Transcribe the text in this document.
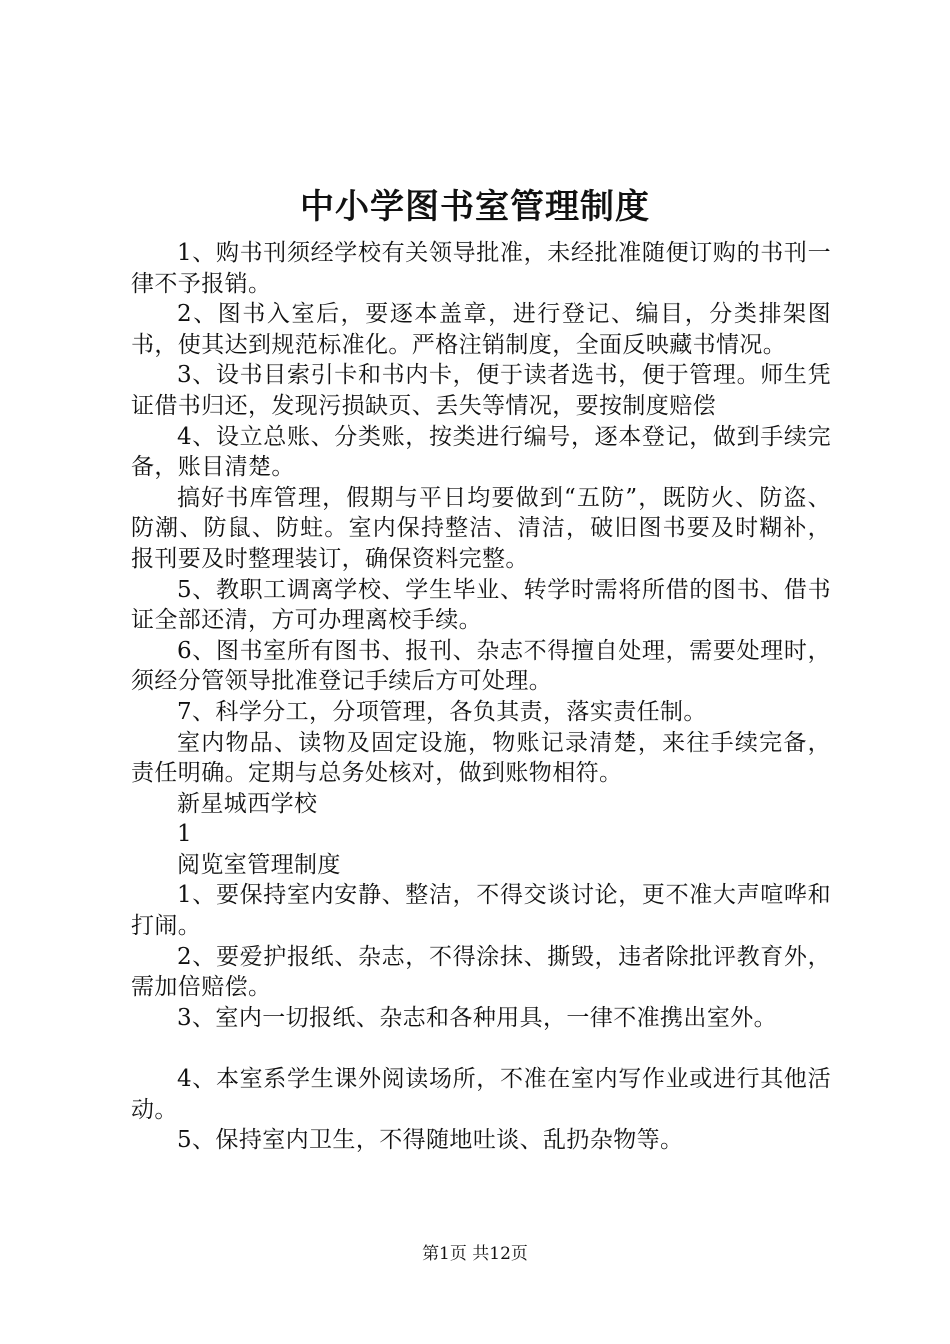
中小学图书室管理制度

1、购书刊须经学校有关领导批准，未经批准随便订购的书刊一律不予报销。

2、图书入室后，要逐本盖章，进行登记、编目，分类排架图书，使其达到规范标准化。严格注销制度，全面反映藏书情况。

3、设书目索引卡和书内卡，便于读者选书，便于管理。师生凭证借书归还，发现污损缺页、丢失等情况，要按制度赔偿

4、设立总账、分类账，按类进行编号，逐本登记，做到手续完备，账目清楚。

搞好书库管理，假期与平日均要做到“五防”，既防火、防盗、防潮、防鼠、防蛀。室内保持整洁、清洁，破旧图书要及时糊补，报刊要及时整理装订，确保资料完整。

5、教职工调离学校、学生毕业、转学时需将所借的图书、借书证全部还清，方可办理离校手续。

6、图书室所有图书、报刊、杂志不得擅自处理，需要处理时，须经分管领导批准登记手续后方可处理。

7、科学分工，分项管理，各负其责，落实责任制。

室内物品、读物及固定设施，物账记录清楚，来往手续完备，责任明确。定期与总务处核对，做到账物相符。

新星城西学校

1

阅览室管理制度

1、要保持室内安静、整洁，不得交谈讨论，更不准大声喧哗和打闹。

2、要爱护报纸、杂志，不得涂抹、撕毁，违者除批评教育外，需加倍赔偿。

3、室内一切报纸、杂志和各种用具，一律不准携出室外。

4、本室系学生课外阅读场所，不准在室内写作业或进行其他活动。

5、保持室内卫生，不得随地吐谈、乱扔杂物等。

第1页 共12页
